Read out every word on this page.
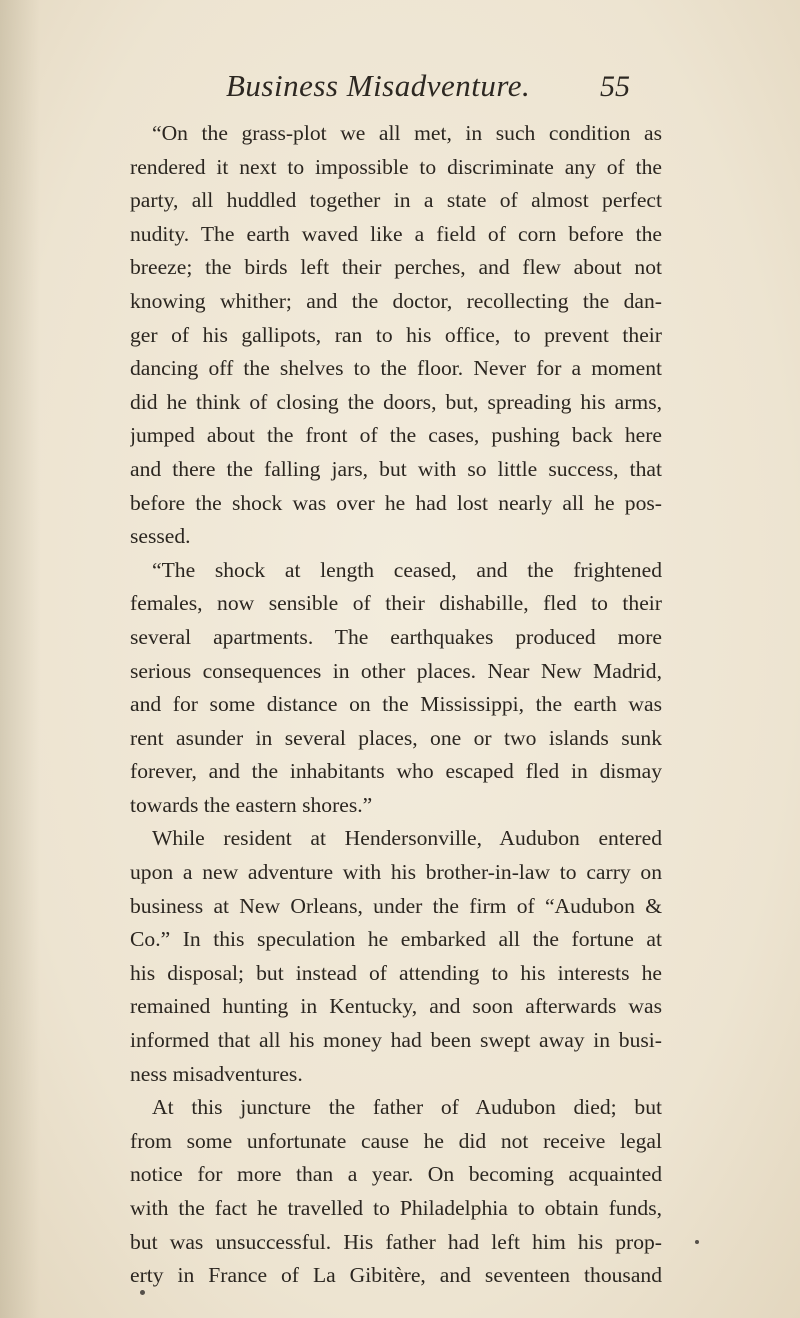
Business Misadventure. 55
“On the grass-plot we all met, in such condition as
rendered it next to impossible to discriminate any of the
party, all huddled together in a state of almost perfect
nudity. The earth waved like a field of corn before the
breeze; the birds left their perches, and flew about not
knowing whither; and the doctor, recollecting the dan-
ger of his gallipots, ran to his office, to prevent their
dancing off the shelves to the floor. Never for a moment
did he think of closing the doors, but, spreading his arms,
jumped about the front of the cases, pushing back here
and there the falling jars, but with so little success, that
before the shock was over he had lost nearly all he pos-
sessed.
“The shock at length ceased, and the frightened
females, now sensible of their dishabille, fled to their
several apartments. The earthquakes produced more
serious consequences in other places. Near New Madrid,
and for some distance on the Mississippi, the earth was
rent asunder in several places, one or two islands sunk
forever, and the inhabitants who escaped fled in dismay
towards the eastern shores.”
While resident at Hendersonville, Audubon entered
upon a new adventure with his brother-in-law to carry on
business at New Orleans, under the firm of “Audubon &
Co.” In this speculation he embarked all the fortune at
his disposal; but instead of attending to his interests he
remained hunting in Kentucky, and soon afterwards was
informed that all his money had been swept away in busi-
ness misadventures.
At this juncture the father of Audubon died; but
from some unfortunate cause he did not receive legal
notice for more than a year. On becoming acquainted
with the fact he travelled to Philadelphia to obtain funds,
but was unsuccessful. His father had left him his prop-
erty in France of La Gibitère, and seventeen thousand
